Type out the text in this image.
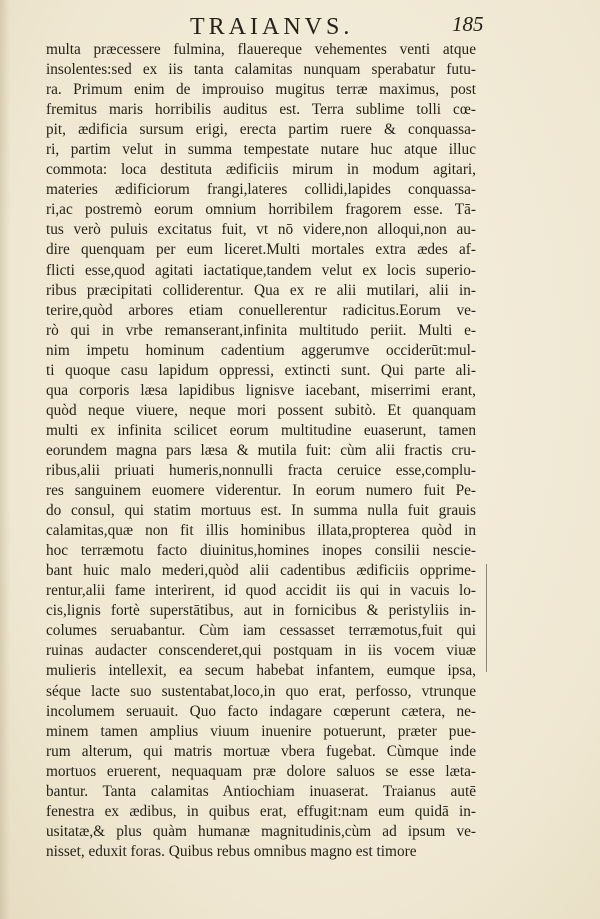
TRAIANVS.	185
multa præcessere fulmina, flauereque vehementes venti atque
insolentes:sed ex iis tanta calamitas nunquam sperabatur futu-
ra. Primum enim de improuiso mugitus terræ maximus, post
fremitus maris horribilis auditus est. Terra sublime tolli cœ-
pit, ædificia sursum erigi, erecta partim ruere & conquassa-
ri, partim velut in summa tempestate nutare huc atque illuc
commota: loca destituta ædificiis mirum in modum agitari,
materies ædificiorum frangi,lateres collidi,lapides conquassa-
ri,ac postremò eorum omnium horribilem fragorem esse. Tā-
tus verò puluis excitatus fuit, vt nō videre,non alloqui,non au-
dire quenquam per eum liceret.Multi mortales extra ædes af-
flicti esse,quod agitati iactatique,tandem velut ex locis superio-
ribus præcipitati colliderentur. Qua ex re alii mutilari, alii in-
terire,quòd arbores etiam conuellerentur radicitus.Eorum ve-
rò qui in vrbe remanserant,infinita multitudo periit. Multi e-
nim impetu hominum cadentium aggerumve occiderūt:mul-
ti quoque casu lapidum oppressi, extincti sunt. Qui parte ali-
qua corporis læsa lapidibus lignisve iacebant, miserrimi erant,
quòd neque viuere, neque mori possent subitò. Et quanquam
multi ex infinita scilicet eorum multitudine euaserunt, tamen
eorundem magna pars læsa & mutila fuit: cùm alii fractis cru-
ribus,alii priuati humeris,nonnulli fracta ceruice esse,complu-
res sanguinem euomere viderentur. In eorum numero fuit Pe-
do consul, qui statim mortuus est. In summa nulla fuit grauis
calamitas,quæ non fit illis hominibus illata,propterea quòd in
hoc terræmotu facto diuinitus,homines inopes consilii nescie-
bant huic malo mederi,quòd alii cadentibus ædificiis opprime-
rentur,alii fame interirent, id quod accidit iis qui in vacuis lo-
cis,lignis fortè superstātibus, aut in fornicibus & peristyliis in-
columes seruabantur. Cùm iam cessasset terræmotus,fuit qui
ruinas audacter conscenderet,qui postquam in iis vocem viuæ
mulieris intellexit, ea secum habebat infantem, eumque ipsa,
séque lacte suo sustentabat,loco,in quo erat, perfosso, vtrunque
incolumem seruauit. Quo facto indagare cœperunt cætera, ne-
minem tamen amplius viuum inuenire potuerunt, præter pue-
rum alterum, qui matris mortuæ vbera fugebat. Cùmque inde
mortuos eruerent, nequaquam præ dolore saluos se esse læta-
bantur. Tanta calamitas Antiochiam inuaserat. Traianus autē
fenestra ex ædibus, in quibus erat, effugit:nam eum quidā in-
usitatæ,& plus quàm humanæ magnitudinis,cùm ad ipsum ve-
nisset, eduxit foras. Quibus rebus omnibus magno est timore
